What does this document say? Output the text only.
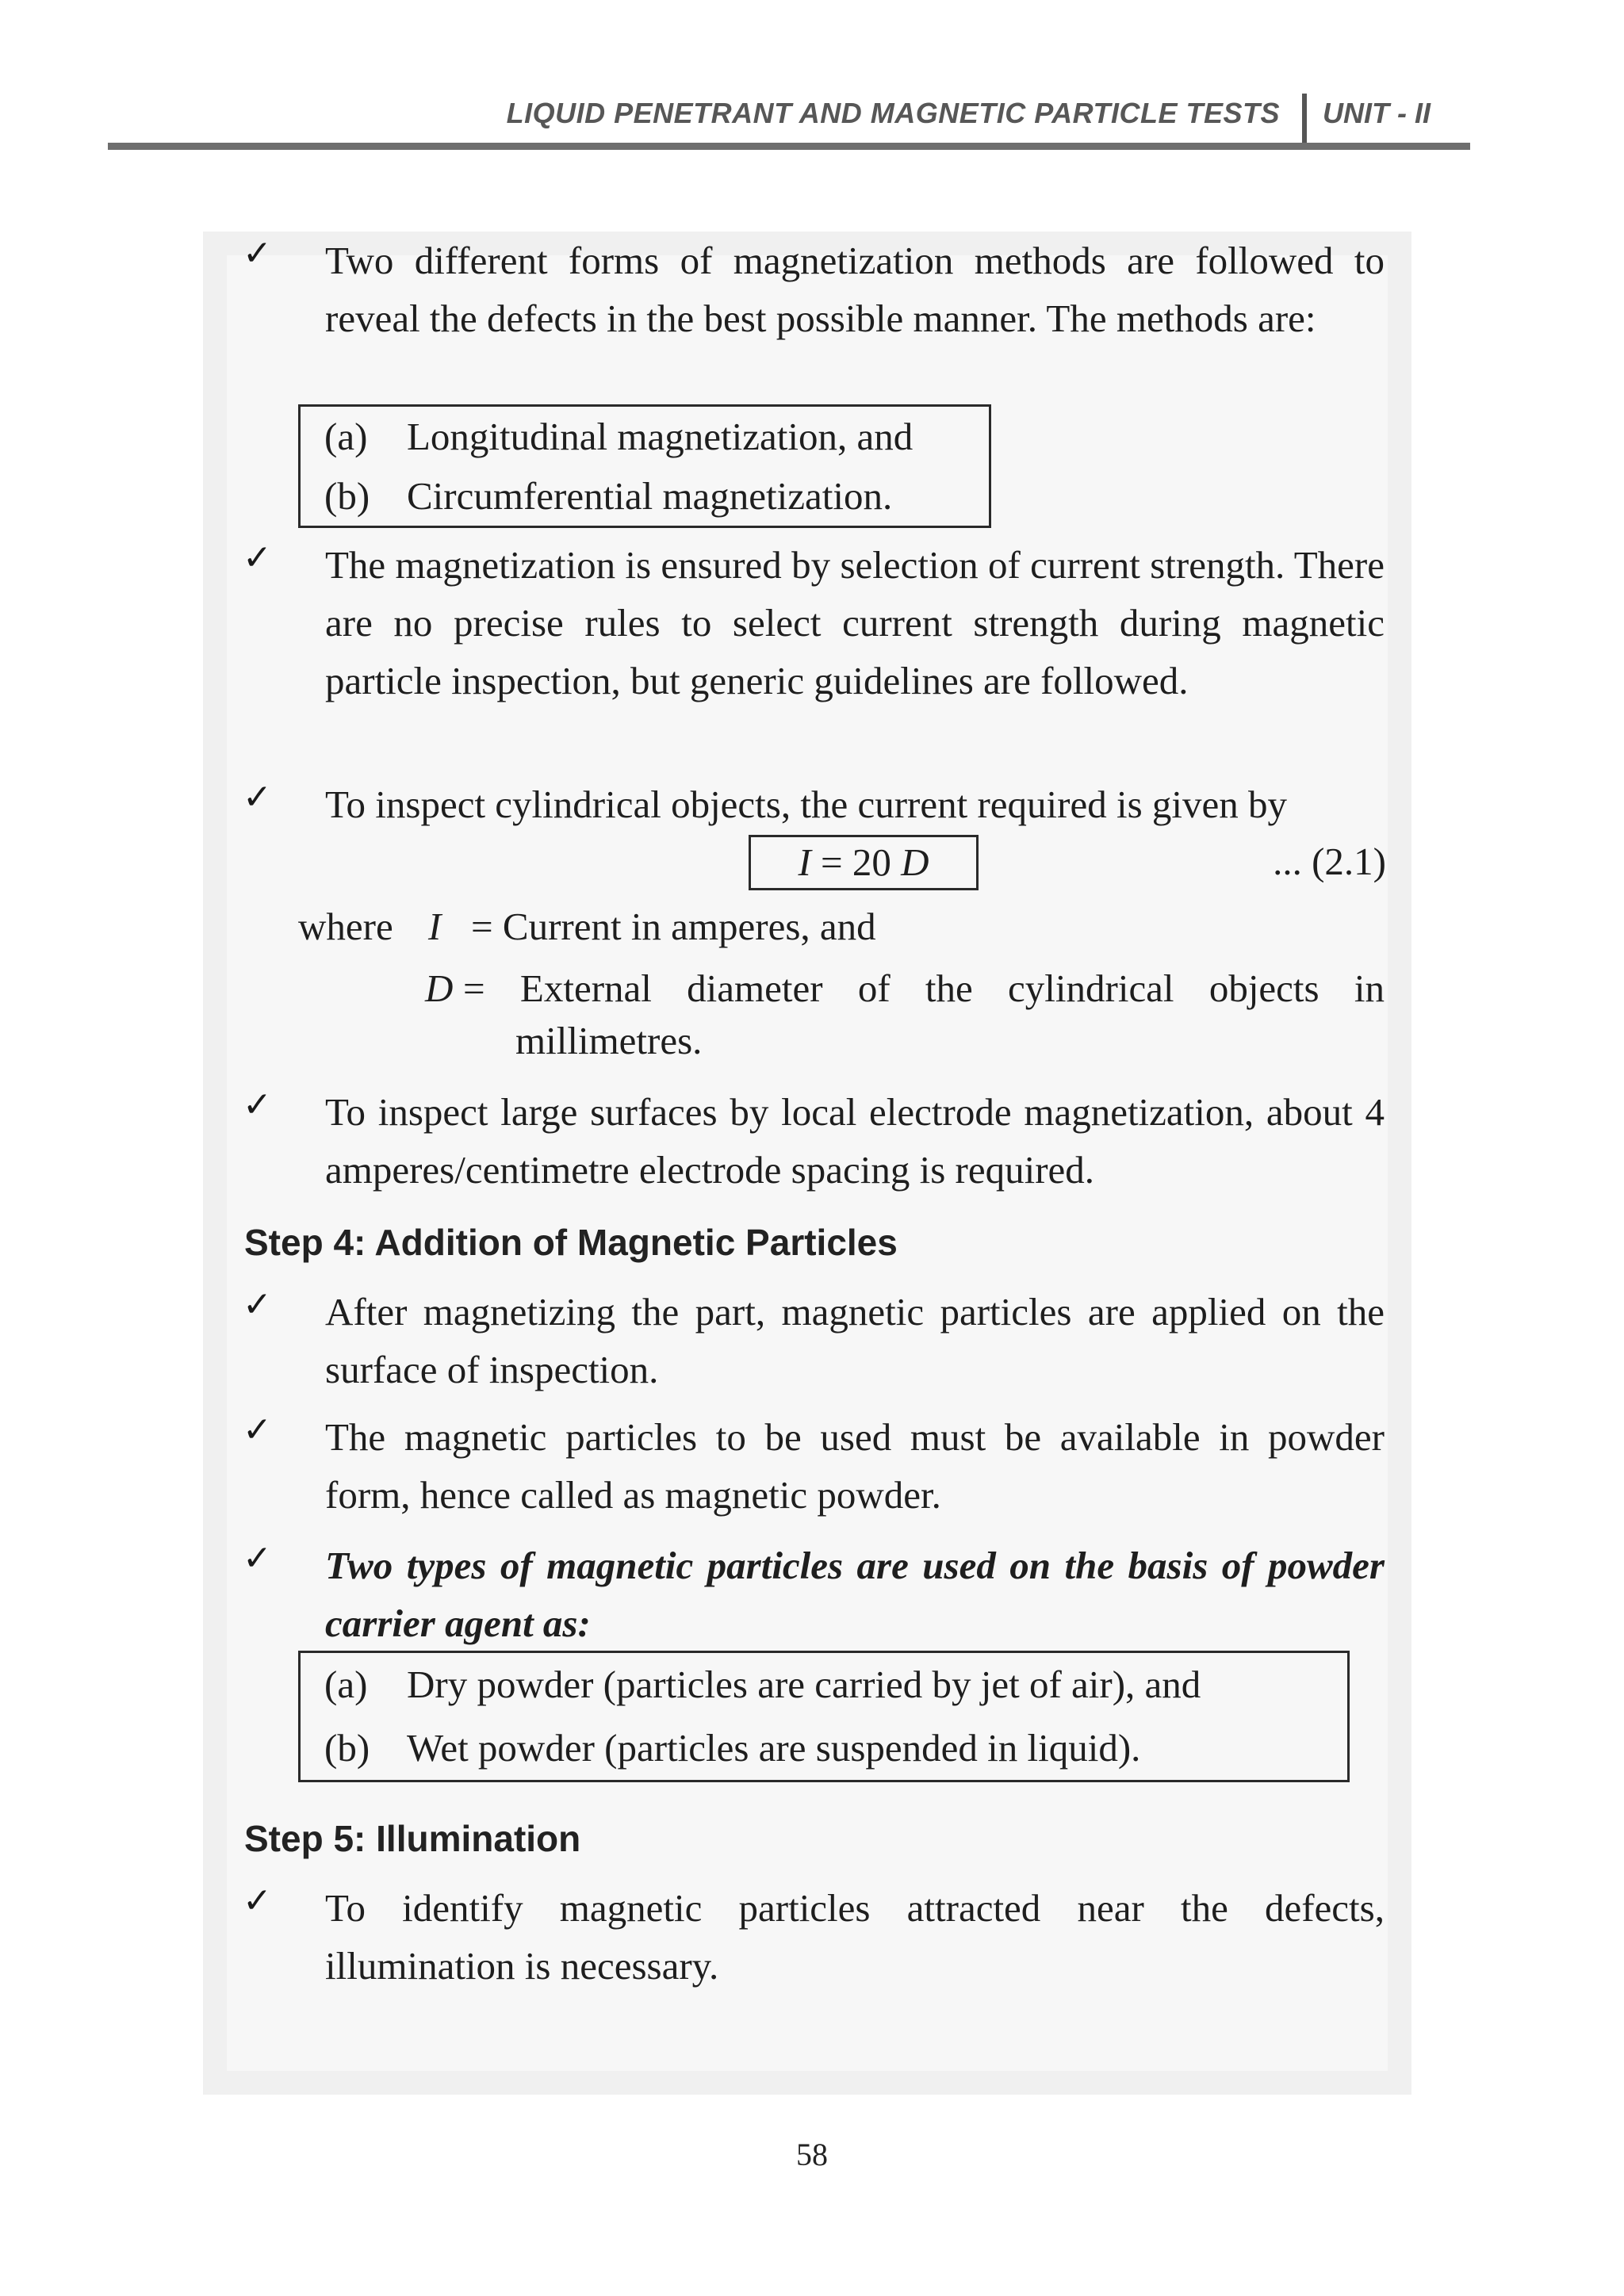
LIQUID PENETRANT AND MAGNETIC PARTICLE TESTS UNIT - II
✓ Two different forms of magnetization methods are followed to reveal the defects in the best possible manner. The methods are:
(a) Longitudinal magnetization, and
(b) Circumferential magnetization.
✓ The magnetization is ensured by selection of current strength. There are no precise rules to select current strength during magnetic particle inspection, but generic guidelines are followed.
✓ To inspect cylindrical objects, the current required is given by
I = 20 D	... (2.1)
where I = Current in amperes, and
D = External diameter of the cylindrical objects in
millimetres.
✓ To inspect large surfaces by local electrode magnetization, about 4 amperes/centimetre electrode spacing is required.
Step 4: Addition of Magnetic Particles
✓ After magnetizing the part, magnetic particles are applied on the surface of inspection.
✓ The magnetic particles to be used must be available in powder form, hence called as magnetic powder.
✓ Two types of magnetic particles are used on the basis of powder carrier agent as:
(a) Dry powder (particles are carried by jet of air), and
(b) Wet powder (particles are suspended in liquid).
Step 5: Illumination
✓ To identify magnetic particles attracted near the defects, illumination is necessary.
58
